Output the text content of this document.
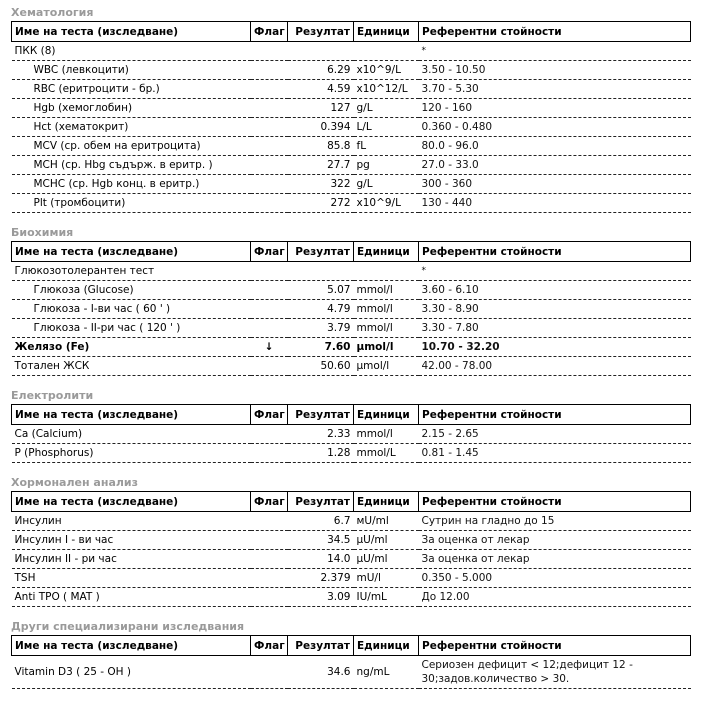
Хематология
Име на теста (изследване)	Флаг	Резултат	Единици	Референтни стойности
ПКК (8)				*
WBC (левкоцити)		6.29	x10^9/L	3.50 - 10.50
RBC (еритроцити - бр.)		4.59	x10^12/L	3.70 - 5.30
Hgb (хемоглобин)		127	g/L	120 - 160
Hct (хематокрит)		0.394	L/L	0.360 - 0.480
MCV (ср. обем на еритроцита)		85.8	fL	80.0 - 96.0
MCH (ср. Hbg съдърж. в еритр. )		27.7	pg	27.0 - 33.0
MCHC (ср. Hgb конц. в еритр.)		322	g/L	300 - 360
Plt (тромбоцити)		272	x10^9/L	130 - 440
Биохимия
Име на теста (изследване)	Флаг	Резултат	Единици	Референтни стойности
Глюкозотолерантен тест				*
Глюкоза (Glucose)		5.07	mmol/l	3.60 - 6.10
Глюкоза - I-ви час ( 60 ' )		4.79	mmol/l	3.30 - 8.90
Глюкоза - II-ри час ( 120 ' )		3.79	mmol/l	3.30 - 7.80
Желязо (Fe)	↓	7.60	µmol/l	10.70 - 32.20
Тотален ЖСК		50.60	µmol/l	42.00 - 78.00
Електролити
Име на теста (изследване)	Флаг	Резултат	Единици	Референтни стойности
Ca (Calcium)		2.33	mmol/l	2.15 - 2.65
P (Phosphorus)		1.28	mmol/L	0.81 - 1.45
Хормонален анализ
Име на теста (изследване)	Флаг	Резултат	Единици	Референтни стойности
Инсулин		6.7	мU/ml	Сутрин на гладно до 15
Инсулин I - ви час		34.5	µU/ml	За оценка от лекар
Инсулин II - ри час		14.0	µU/ml	За оценка от лекар
TSH		2.379	mU/l	0.350 - 5.000
Anti TPO ( MAT )		3.09	IU/mL	До 12.00
Други специализирани изследвания
Име на теста (изследване)	Флаг	Резултат	Единици	Референтни стойности
Vitamin D3 ( 25 - OH )		34.6	ng/mL	Сериозен дефицит < 12;дефицит 12 - 30;задов.количество > 30.
